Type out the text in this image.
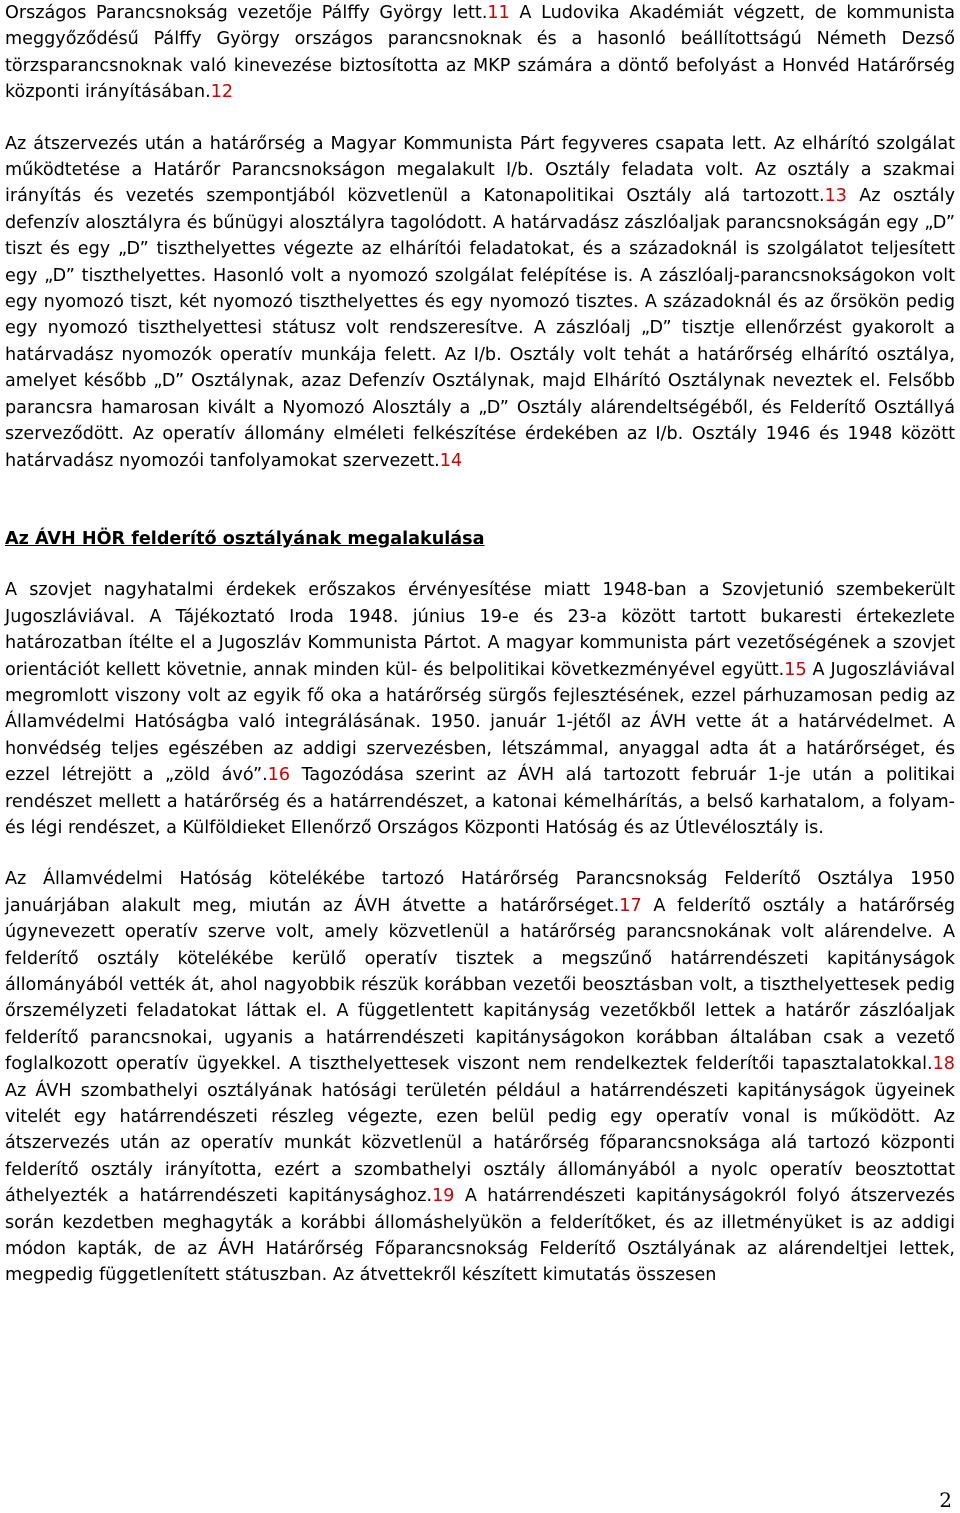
Országos Parancsnokság vezetője Pálffy György lett.11 A Ludovika Akadémiát végzett, de kommunista meggyőződésű Pálffy György országos parancsnoknak és a hasonló beállítottságú Németh Dezső törzsparancsnoknak való kinevezése biztosította az MKP számára a döntő befolyást a Honvéd Határőrség központi irányításában.12

Az átszervezés után a határőrség a Magyar Kommunista Párt fegyveres csapata lett. Az elhárító szolgálat működtetése a Határőr Parancsnokságon megalakult I/b. Osztály feladata volt. Az osztály a szakmai irányítás és vezetés szempontjából közvetlenül a Katonapolitikai Osztály alá tartozott.13 Az osztály defenzív alosztályra és bűnügyi alosztályra tagolódott. A határvadász zászlóaljak parancsnokságán egy „D” tiszt és egy „D” tiszthelyettes végezte az elhárítói feladatokat, és a századoknál is szolgálatot teljesített egy „D” tiszthelyettes. Hasonló volt a nyomozó szolgálat felépítése is. A zászlóalj-parancsnokságokon volt egy nyomozó tiszt, két nyomozó tiszthelyettes és egy nyomozó tisztes. A századoknál és az őrsökön pedig egy nyomozó tiszthelyettesi státusz volt rendszeresítve. A zászlóalj „D” tisztje ellenőrzést gyakorolt a határvadász nyomozók operatív munkája felett. Az I/b. Osztály volt tehát a határőrség elhárító osztálya, amelyet később „D” Osztálynak, azaz Defenzív Osztálynak, majd Elhárító Osztálynak neveztek el. Felsőbb parancsra hamarosan kivált a Nyomozó Alosztály a „D” Osztály alárendeltségéből, és Felderítő Osztállyá szerveződött. Az operatív állomány elméleti felkészítése érdekében az I/b. Osztály 1946 és 1948 között határvadász nyomozói tanfolyamokat szervezett.14

Az ÁVH HÖR felderítő osztályának megalakulása

A szovjet nagyhatalmi érdekek erőszakos érvényesítése miatt 1948-ban a Szovjetunió szembekerült Jugoszláviával. A Tájékoztató Iroda 1948. június 19-e és 23-a között tartott bukaresti értekezlete határozatban ítélte el a Jugoszláv Kommunista Pártot. A magyar kommunista párt vezetőségének a szovjet orientációt kellett követnie, annak minden kül- és belpolitikai következményével együtt.15 A Jugoszláviával megromlott viszony volt az egyik fő oka a határőrség sürgős fejlesztésének, ezzel párhuzamosan pedig az Államvédelmi Hatóságba való integrálásának. 1950. január 1-jétől az ÁVH vette át a határvédelmet. A honvédség teljes egészében az addigi szervezésben, létszámmal, anyaggal adta át a határőrséget, és ezzel létrejött a „zöld ávó”.16 Tagozódása szerint az ÁVH alá tartozott február 1-je után a politikai rendészet mellett a határőrség és a határrendészet, a katonai kémelhárítás, a belső karhatalom, a folyam- és légi rendészet, a Külföldieket Ellenőrző Országos Központi Hatóság és az Útlevélosztály is.

Az Államvédelmi Hatóság kötelékébe tartozó Határőrség Parancsnokság Felderítő Osztálya 1950 januárjában alakult meg, miután az ÁVH átvette a határőrséget.17 A felderítő osztály a határőrség úgynevezett operatív szerve volt, amely közvetlenül a határőrség parancsnokának volt alárendelve. A felderítő osztály kötelékébe kerülő operatív tisztek a megszűnő határrendészeti kapitányságok állományából vették át, ahol nagyobbik részük korábban vezetői beosztásban volt, a tiszthelyettesek pedig őrszemélyzeti feladatokat láttak el. A függetlentett kapitányság vezetőkből lettek a határőr zászlóaljak felderítő parancsnokai, ugyanis a határrendészeti kapitányságokon korábban általában csak a vezető foglalkozott operatív ügyekkel. A tiszthelyettesek viszont nem rendelkeztek felderítői tapasztalatokkal.18 Az ÁVH szombathelyi osztályának hatósági területén például a határrendészeti kapitányságok ügyeinek vitelét egy határrendészeti részleg végezte, ezen belül pedig egy operatív vonal is működött. Az átszervezés után az operatív munkát közvetlenül a határőrség főparancsnoksága alá tartozó központi felderítő osztály irányította, ezért a szombathelyi osztály állományából a nyolc operatív beosztottat áthelyezték a határrendészeti kapitánysághoz.19 A határrendészeti kapitányságokról folyó átszervezés során kezdetben meghagyták a korábbi állomáshelyükön a felderítőket, és az illetményüket is az addigi módon kapták, de az ÁVH Határőrség Főparancsnokság Felderítő Osztályának az alárendeltjei lettek, megpedig függetlenített státuszban. Az átvettekről készített kimutatás összesen

2
